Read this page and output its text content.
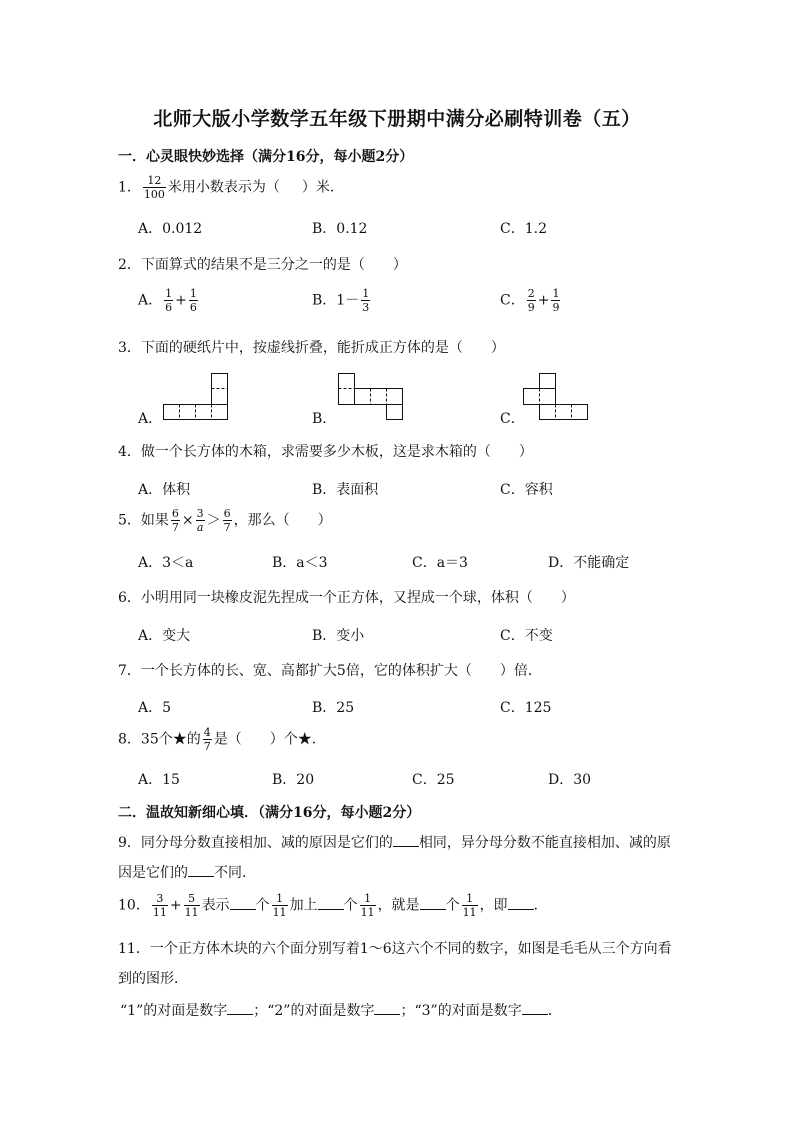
北师大版小学数学五年级下册期中满分必刷特训卷（五）
一．心灵眼快妙选择（满分16分，每小题2分）
1． $\frac{12}{100}$ 米用小数表示为（ ）米．
A．0.012	B．0.12	C．1.2
2．下面算式的结果不是三分之一的是（　　）
A． $\frac{1}{6} + \frac{1}{6}$	B．$1- \frac{1}{3}$	C． $\frac{2}{9} + \frac{1}{9}$
3．下面的硬纸片中，按虚线折叠，能折成正方体的是（　　）
A．	B．	C．
4．做一个长方体的木箱，求需要多少木板，这是求木箱的（　　）
A．体积	B．表面积	C．容积
5．如果 $\frac{6}{7} \times \frac{3}{a} > \frac{6}{7}$ ，那么（　　）
A．3＜a	B．a＜3	C．a＝3	D．不能确定
6．小明用同一块橡皮泥先捏成一个正方体，又捏成一个球，体积（　　）
A．变大	B．变小	C．不变
7．一个长方体的长、宽、高都扩大5倍，它的体积扩大（　　）倍．
A．5	B．25	C．125
8．35个★的 $\frac{4}{7}$ 是（　　）个★．
A．15	B．20	C．25	D．30
二．温故知新细心填．（满分16分，每小题2分）
9．同分母分数直接相加、减的原因是它们的 相同，异分母分数不能直接相加、减的原
因是它们的 不同．
10． $\frac{3}{11} + \frac{5}{11}$ 表示 个 $\frac{1}{11}$ 加上 个 $\frac{1}{11}$ ，就是 个 $\frac{1}{11}$ ，即 ．
11．一个正方体木块的六个面分别写着1～6这六个不同的数字，如图是毛毛从三个方向看
到的图形．
“1”的对面是数字 ；“2”的对面是数字 ；“3”的对面是数字 ．
